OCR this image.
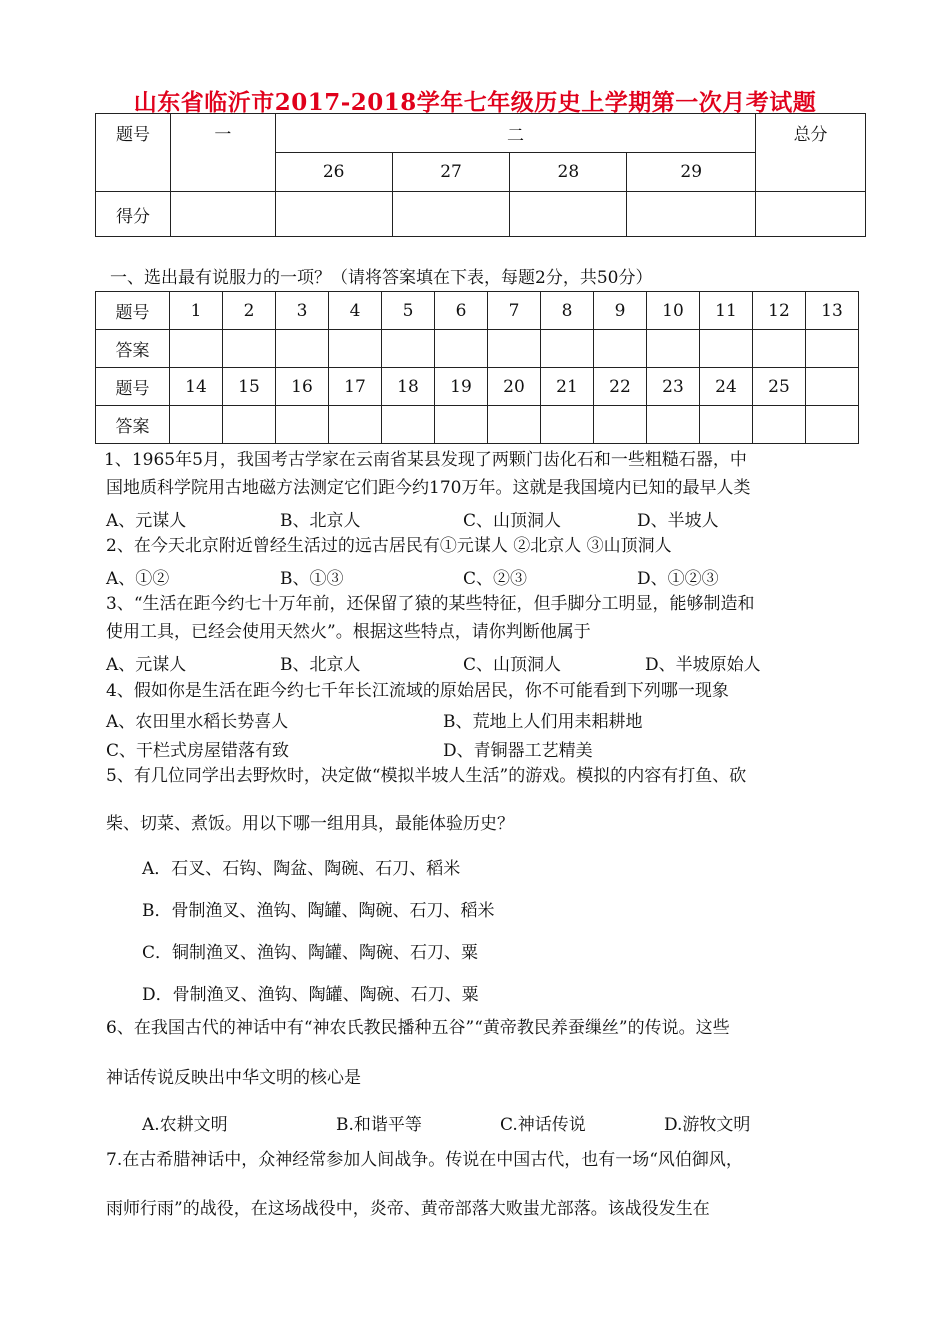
山东省临沂市2017-2018学年七年级历史上学期第一次月考试题
题号	一	二				总分
		26	27	28	29	
得分						
一、选出最有说服力的一项？（请将答案填在下表，每题2分，共50分）
题号	1	2	3	4	5	6	7	8	9	10	11	12	13
答案													
题号	14	15	16	17	18	19	20	21	22	23	24	25	
答案													
1、1965年5月，我国考古学家在云南省某县发现了两颗门齿化石和一些粗糙石器，中
国地质科学院用古地磁方法测定它们距今约170万年。这就是我国境内已知的最早人类
A、元谋人	B、北京人	C、山顶洞人	D、半坡人
2、在今天北京附近曾经生活过的远古居民有①元谋人 ②北京人 ③山顶洞人
A、①②	B、①③	C、②③	D、①②③
3、“生活在距今约七十万年前，还保留了猿的某些特征，但手脚分工明显，能够制造和
使用工具，已经会使用天然火”。根据这些特点，请你判断他属于
A、元谋人	B、北京人	C、山顶洞人	D、半坡原始人
4、假如你是生活在距今约七千年长江流域的原始居民，你不可能看到下列哪一现象
A、农田里水稻长势喜人	B、荒地上人们用耒耜耕地
C、干栏式房屋错落有致	D、青铜器工艺精美
5、有几位同学出去野炊时，决定做“模拟半坡人生活”的游戏。模拟的内容有打鱼、砍
柴、切菜、煮饭。用以下哪一组用具，最能体验历史？
A．石叉、石钩、陶盆、陶碗、石刀、稻米
B．骨制渔叉、渔钩、陶罐、陶碗、石刀、稻米
C．铜制渔叉、渔钩、陶罐、陶碗、石刀、粟
D．骨制渔叉、渔钩、陶罐、陶碗、石刀、粟
6、在我国古代的神话中有“神农氏教民播种五谷”“黄帝教民养蚕缫丝”的传说。这些
神话传说反映出中华文明的核心是
A.农耕文明	B.和谐平等	C.神话传说	D.游牧文明
7.在古希腊神话中，众神经常参加人间战争。传说在中国古代，也有一场“风伯御风，
雨师行雨”的战役，在这场战役中，炎帝、黄帝部落大败蚩尤部落。该战役发生在
